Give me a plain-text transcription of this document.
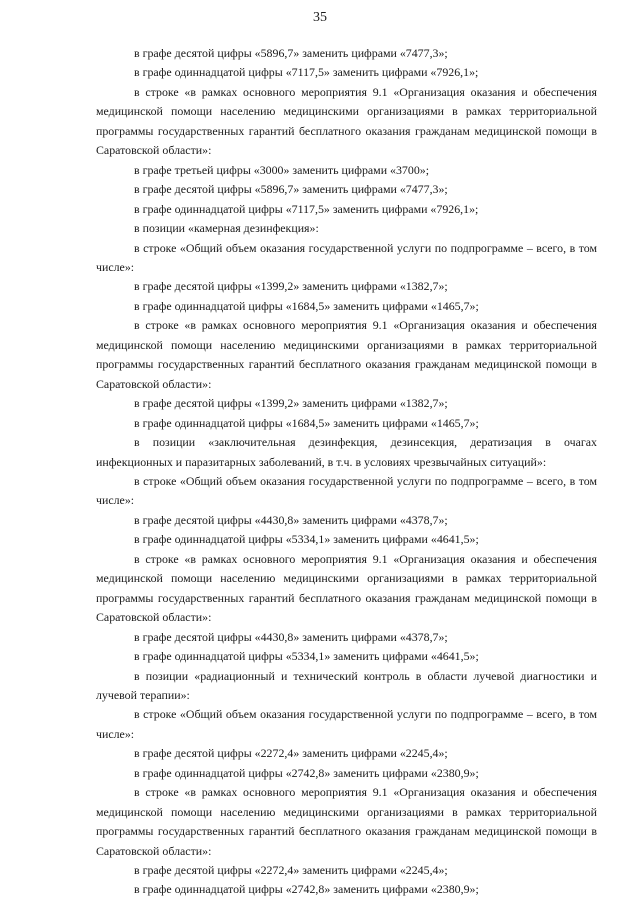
35

в графе десятой цифры «5896,7» заменить цифрами «7477,3»;

в графе одиннадцатой цифры «7117,5» заменить цифрами «7926,1»;

в строке «в рамках основного мероприятия 9.1 «Организация оказания и обеспечения медицинской помощи населению медицинскими организациями в рамках территориальной программы государственных гарантий бесплатного оказания гражданам медицинской помощи в Саратовской области»:

в графе третьей цифры «3000» заменить цифрами «3700»;

в графе десятой цифры «5896,7» заменить цифрами «7477,3»;

в графе одиннадцатой цифры «7117,5» заменить цифрами «7926,1»;

в позиции «камерная дезинфекция»:

в строке «Общий объем оказания государственной услуги по подпрограмме – всего, в том числе»:

в графе десятой цифры «1399,2» заменить цифрами «1382,7»;

в графе одиннадцатой цифры «1684,5» заменить цифрами «1465,7»;

в строке «в рамках основного мероприятия 9.1 «Организация оказания и обеспечения медицинской помощи населению медицинскими организациями в рамках территориальной программы государственных гарантий бесплатного оказания гражданам медицинской помощи в Саратовской области»:

в графе десятой цифры «1399,2» заменить цифрами «1382,7»;

в графе одиннадцатой цифры «1684,5» заменить цифрами «1465,7»;

в позиции «заключительная дезинфекция, дезинсекция, дератизация в очагах инфекционных и паразитарных заболеваний, в т.ч. в условиях чрезвычайных ситуаций»:

в строке «Общий объем оказания государственной услуги по подпрограмме – всего, в том числе»:

в графе десятой цифры «4430,8» заменить цифрами «4378,7»;

в графе одиннадцатой цифры «5334,1» заменить цифрами «4641,5»;

в строке «в рамках основного мероприятия 9.1 «Организация оказания и обеспечения медицинской помощи населению медицинскими организациями в рамках территориальной программы государственных гарантий бесплатного оказания гражданам медицинской помощи в Саратовской области»:

в графе десятой цифры «4430,8» заменить цифрами «4378,7»;

в графе одиннадцатой цифры «5334,1» заменить цифрами «4641,5»;

в позиции «радиационный и технический контроль в области лучевой диагностики и лучевой терапии»:

в строке «Общий объем оказания государственной услуги по подпрограмме – всего, в том числе»:

в графе десятой цифры «2272,4» заменить цифрами «2245,4»;

в графе одиннадцатой цифры «2742,8» заменить цифрами «2380,9»;

в строке «в рамках основного мероприятия 9.1 «Организация оказания и обеспечения медицинской помощи населению медицинскими организациями в рамках территориальной программы государственных гарантий бесплатного оказания гражданам медицинской помощи в Саратовской области»:

в графе десятой цифры «2272,4» заменить цифрами «2245,4»;

в графе одиннадцатой цифры «2742,8» заменить цифрами «2380,9»;
